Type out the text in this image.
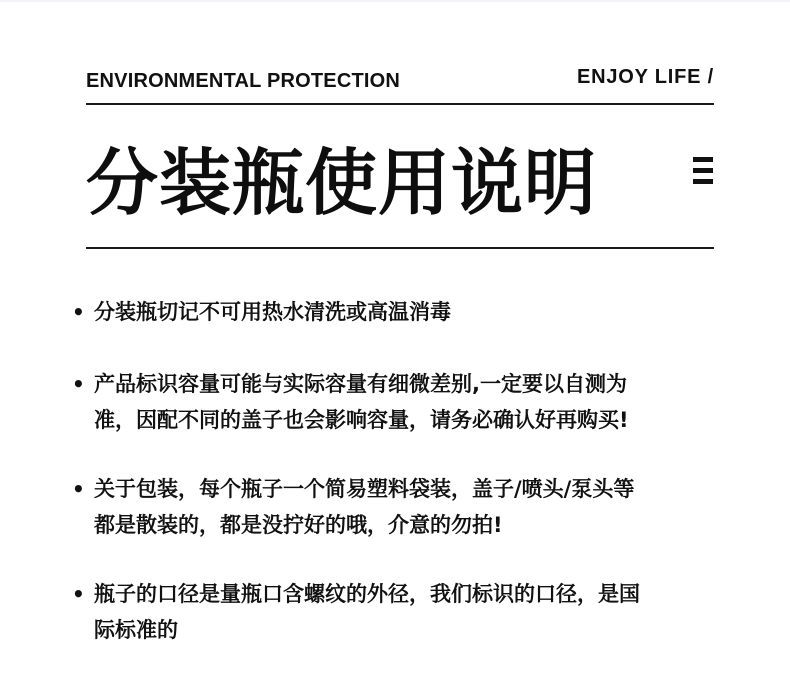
ENVIRONMENTAL PROTECTION	ENJOY LIFE /
分装瓶使用说明
• 分装瓶切记不可用热水清洗或高温消毒
• 产品标识容量可能与实际容量有细微差别,一定要以自测为
准，因配不同的盖子也会影响容量，请务必确认好再购买!
• 关于包装，每个瓶子一个简易塑料袋装，盖子/喷头/泵头等
都是散装的，都是没拧好的哦，介意的勿拍!
• 瓶子的口径是量瓶口含螺纹的外径，我们标识的口径，是国
际标准的
